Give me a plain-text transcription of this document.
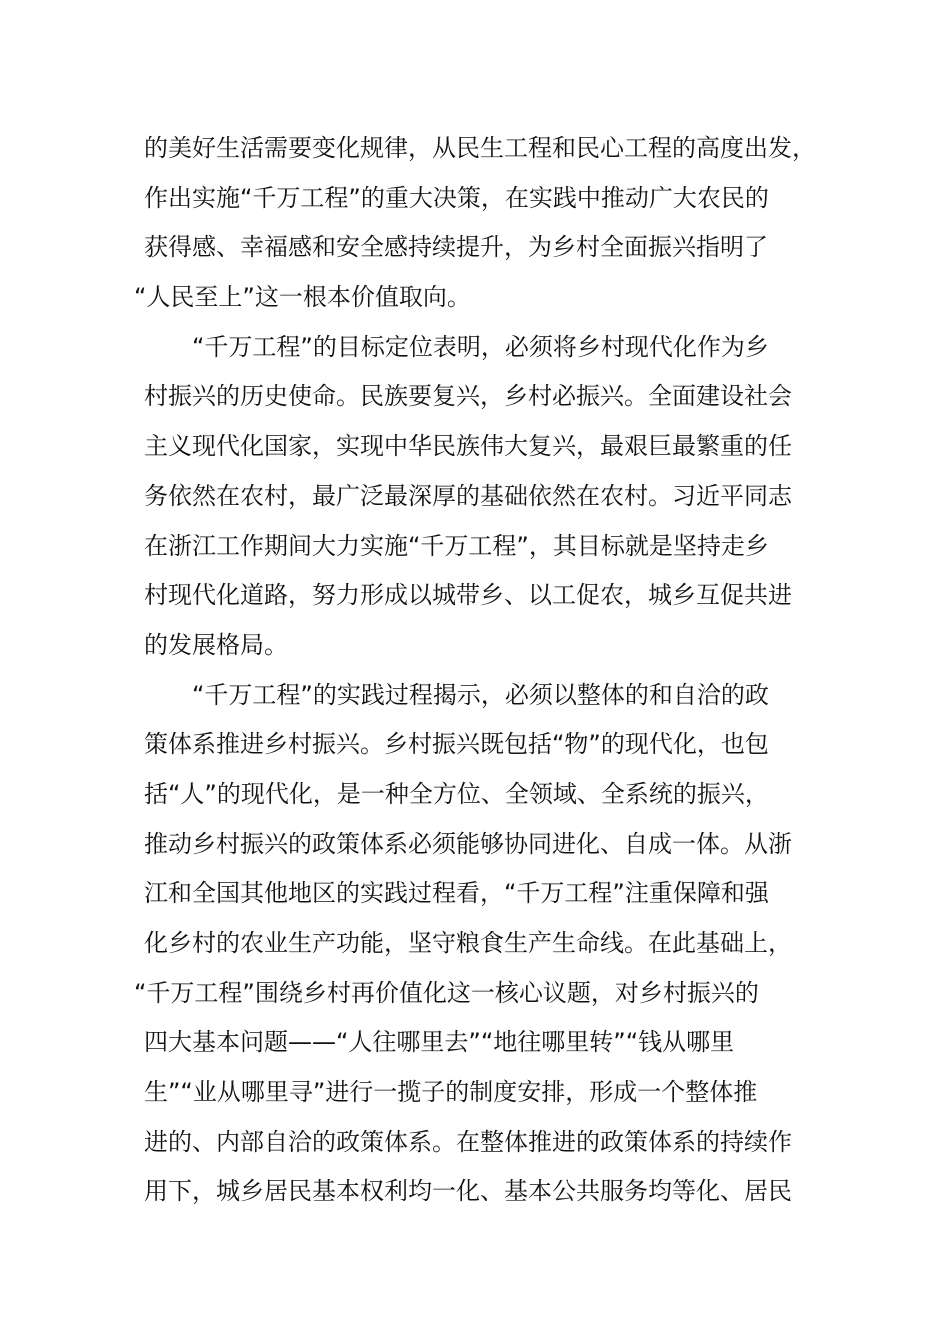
的美好生活需要变化规律，从民生工程和民心工程的高度出发，
作出实施“千万工程”的重大决策，在实践中推动广大农民的
获得感、幸福感和安全感持续提升，为乡村全面振兴指明了
“人民至上”这一根本价值取向。
“千万工程”的目标定位表明，必须将乡村现代化作为乡
村振兴的历史使命。民族要复兴，乡村必振兴。全面建设社会
主义现代化国家，实现中华民族伟大复兴，最艰巨最繁重的任
务依然在农村，最广泛最深厚的基础依然在农村。习近平同志
在浙江工作期间大力实施“千万工程”，其目标就是坚持走乡
村现代化道路，努力形成以城带乡、以工促农，城乡互促共进
的发展格局。
“千万工程”的实践过程揭示，必须以整体的和自洽的政
策体系推进乡村振兴。乡村振兴既包括“物”的现代化，也包
括“人”的现代化，是一种全方位、全领域、全系统的振兴，
推动乡村振兴的政策体系必须能够协同进化、自成一体。从浙
江和全国其他地区的实践过程看，“千万工程”注重保障和强
化乡村的农业生产功能，坚守粮食生产生命线。在此基础上，
“千万工程”围绕乡村再价值化这一核心议题，对乡村振兴的
四大基本问题——“人往哪里去”“地往哪里转”“钱从哪里
生”“业从哪里寻”进行一揽子的制度安排，形成一个整体推
进的、内部自洽的政策体系。在整体推进的政策体系的持续作
用下，城乡居民基本权利均一化、基本公共服务均等化、居民
